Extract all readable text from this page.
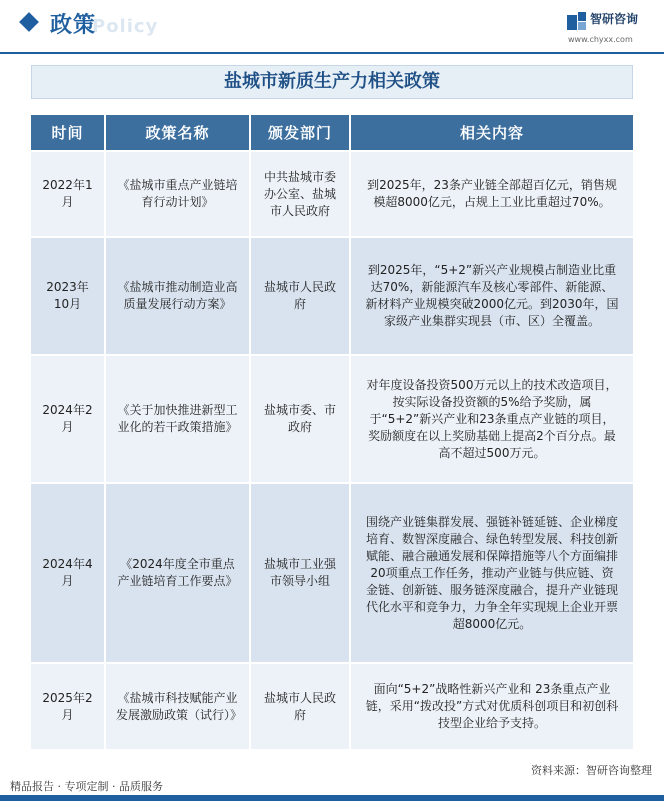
Policy
政策	智研咨询
www.chyxx.com
盐城市新质生产力相关政策
时间	政策名称	颁发部门	相关内容
2022年1月	《盐城市重点产业链培育行动计划》	中共盐城市委办公室、盐城市人民政府	到2025年，23条产业链全部超百亿元，销售规模超8000亿元，占规上工业比重超过70%。
2023年10月	《盐城市推动制造业高质量发展行动方案》	盐城市人民政府	到2025年，“5+2”新兴产业规模占制造业比重达70%，新能源汽车及核心零部件、新能源、新材料产业规模突破2000亿元。到2030年，国家级产业集群实现县（市、区）全覆盖。
2024年2月	《关于加快推进新型工业化的若干政策措施》	盐城市委、市政府	对年度设备投资500万元以上的技术改造项目，按实际设备投资额的5%给予奖励，属于“5+2”新兴产业和23条重点产业链的项目，奖励额度在以上奖励基础上提高2个百分点。最高不超过500万元。
2024年4月	《2024年度全市重点产业链培育工作要点》	盐城市工业强市领导小组	围绕产业链集群发展、强链补链延链、企业梯度培育、数智深度融合、绿色转型发展、科技创新赋能、融合融通发展和保障措施等八个方面编排20项重点工作任务，推动产业链与供应链、资金链、创新链、服务链深度融合，提升产业链现代化水平和竞争力，力争全年实现规上企业开票超8000亿元。
2025年2月	《盐城市科技赋能产业发展激励政策（试行）》	盐城市人民政府	面向“5+2”战略性新兴产业和 23条重点产业链，采用“拨改投”方式对优质科创项目和初创科技型企业给予支持。
资料来源：智研咨询整理
精品报告 · 专项定制 · 品质服务
